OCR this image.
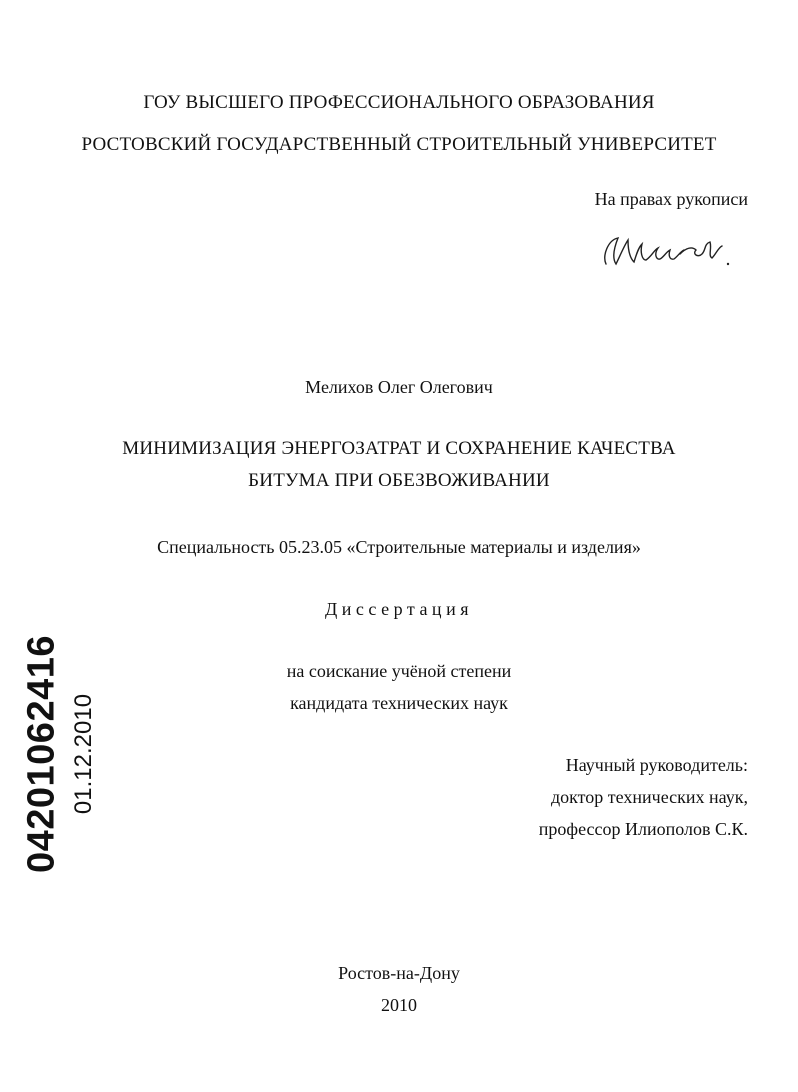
ГОУ ВЫСШЕГО ПРОФЕССИОНАЛЬНОГО ОБРАЗОВАНИЯ
РОСТОВСКИЙ ГОСУДАРСТВЕННЫЙ СТРОИТЕЛЬНЫЙ УНИВЕРСИТЕТ
На правах рукописи
Мелихов Олег Олегович
МИНИМИЗАЦИЯ ЭНЕРГОЗАТРАТ И СОХРАНЕНИЕ КАЧЕСТВА
БИТУМА ПРИ ОБЕЗВОЖИВАНИИ
Специальность 05.23.05 «Строительные материалы и изделия»
Диссертация
на соискание учёной степени
кандидата технических наук
Научный руководитель:
доктор технических наук,
профессор Илиополов С.К.
Ростов-на-Дону
2010
04201062416 01.12.2010
